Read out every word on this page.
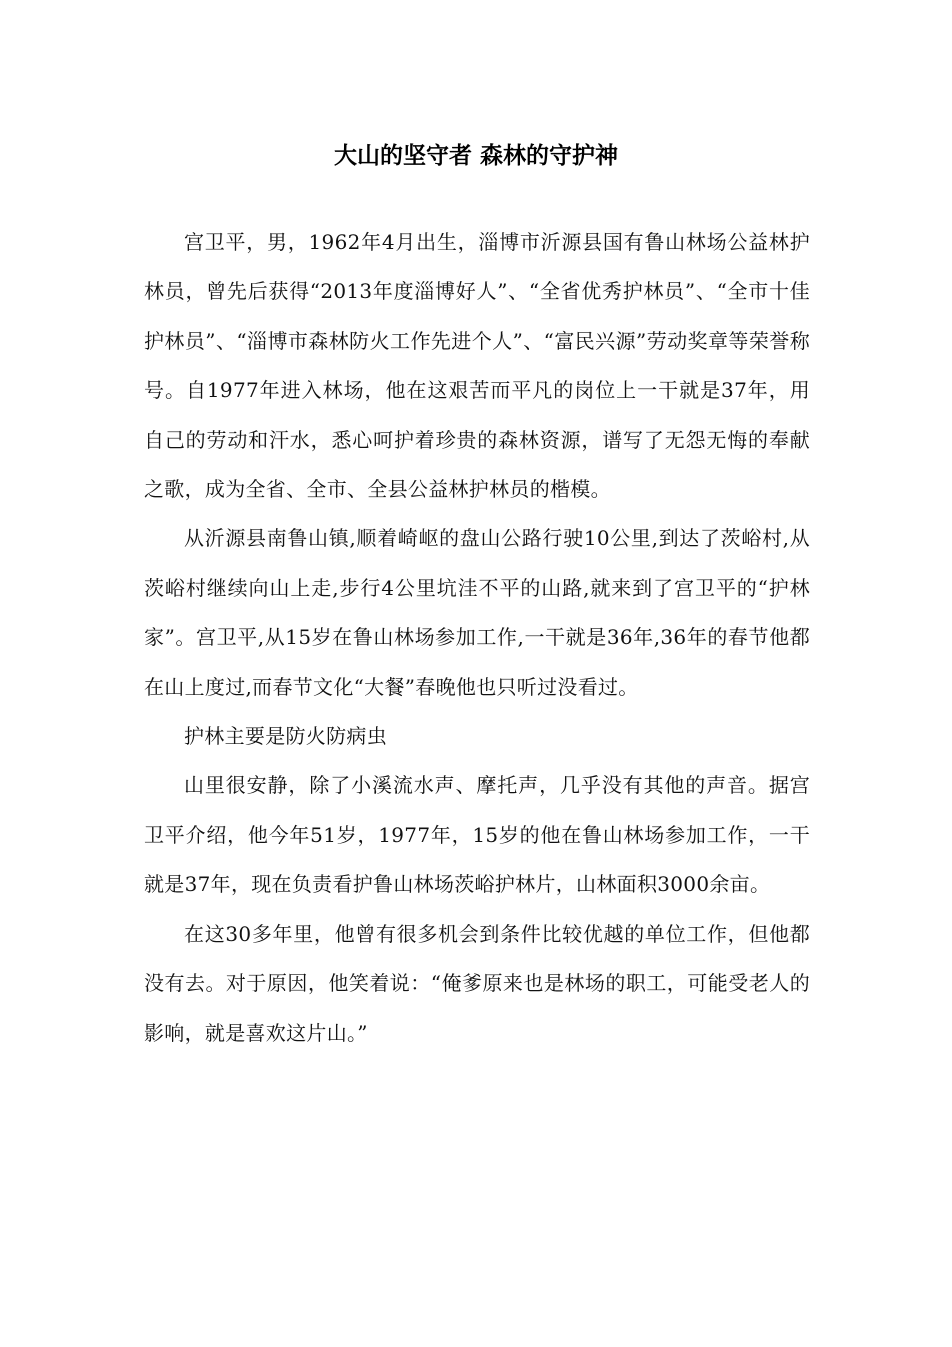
大山的坚守者 森林的守护神

宫卫平，男，1962年4月出生，淄博市沂源县国有鲁山林场公益林护林员，曾先后获得“2013年度淄博好人”、“全省优秀护林员”、“全市十佳护林员”、“淄博市森林防火工作先进个人”、“富民兴源”劳动奖章等荣誉称号。自1977年进入林场，他在这艰苦而平凡的岗位上一干就是37年，用自己的劳动和汗水，悉心呵护着珍贵的森林资源，谱写了无怨无悔的奉献之歌，成为全省、全市、全县公益林护林员的楷模。

从沂源县南鲁山镇,顺着崎岖的盘山公路行驶10公里,到达了茨峪村,从茨峪村继续向山上走,步行4公里坑洼不平的山路,就来到了宫卫平的“护林家”。宫卫平,从15岁在鲁山林场参加工作,一干就是36年,36年的春节他都在山上度过,而春节文化“大餐”春晚他也只听过没看过。

护林主要是防火防病虫

山里很安静，除了小溪流水声、摩托声，几乎没有其他的声音。据宫卫平介绍，他今年51岁，1977年，15岁的他在鲁山林场参加工作，一干就是37年，现在负责看护鲁山林场茨峪护林片，山林面积3000余亩。

在这30多年里，他曾有很多机会到条件比较优越的单位工作，但他都没有去。对于原因，他笑着说：“俺爹原来也是林场的职工，可能受老人的影响，就是喜欢这片山。”
